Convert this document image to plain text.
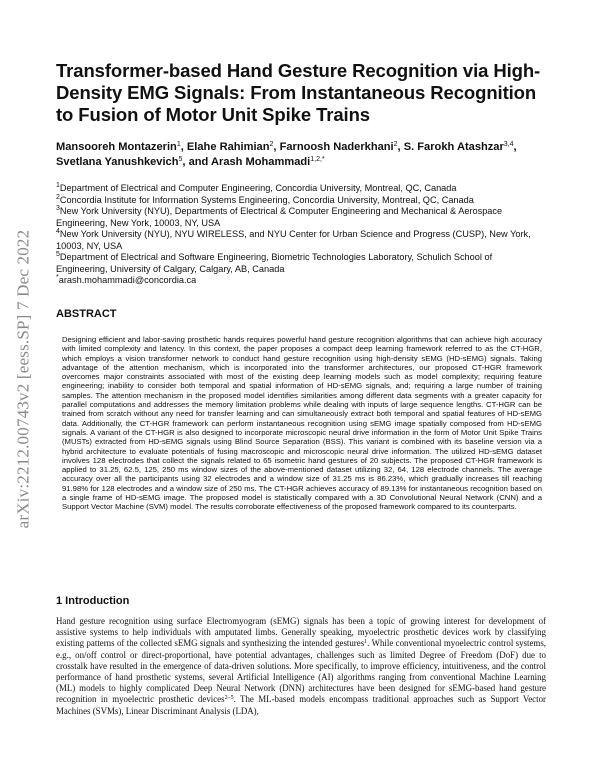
arXiv:2212.00743v2 [eess.SP] 7 Dec 2022
Transformer-based Hand Gesture Recognition via High-Density EMG Signals: From Instantaneous Recognition to Fusion of Motor Unit Spike Trains
Mansooreh Montazerin$^1$, Elahe Rahimian$^2$, Farnoosh Naderkhani$^2$, S. Farokh Atashzar$^{3,4}$, Svetlana Yanushkevich$^5$, and Arash Mohammadi$^{1,2,*}$

$^1$Department of Electrical and Computer Engineering, Concordia University, Montreal, QC, Canada

$^2$Concordia Institute for Information Systems Engineering, Concordia University, Montreal, QC, Canada

$^3$New York University (NYU), Departments of Electrical & Computer Engineering and Mechanical & Aerospace Engineering, New York, 10003, NY, USA

$^4$New York University (NYU), NYU WIRELESS, and NYU Center for Urban Science and Progress (CUSP), New York, 10003, NY, USA

$^5$Department of Electrical and Software Engineering, Biometric Technologies Laboratory, Schulich School of Engineering, University of Calgary, Calgary, AB, Canada

*arash.mohammadi@concordia.ca

ABSTRACT

Designing efficient and labor-saving prosthetic hands requires powerful hand gesture recognition algorithms that can achieve high accuracy with limited complexity and latency. In this context, the paper proposes a compact deep learning framework referred to as the CT-HGR, which employs a vision transformer network to conduct hand gesture recognition using high-density sEMG (HD-sEMG) signals. Taking advantage of the attention mechanism, which is incorporated into the transformer architectures, our proposed CT-HGR framework overcomes major constraints associated with most of the existing deep learning models such as model complexity; requiring feature engineering; inability to consider both temporal and spatial information of HD-sEMG signals, and; requiring a large number of training samples. The attention mechanism in the proposed model identifies similarities among different data segments with a greater capacity for parallel computations and addresses the memory limitation problems while dealing with inputs of large sequence lengths. CT-HGR can be trained from scratch without any need for transfer learning and can simultaneously extract both temporal and spatial features of HD-sEMG data. Additionally, the CT-HGR framework can perform instantaneous recognition using sEMG image spatially composed from HD-sEMG signals. A variant of the CT-HGR is also designed to incorporate microscopic neural drive information in the form of Motor Unit Spike Trains (MUSTs) extracted from HD-sEMG signals using Blind Source Separation (BSS). This variant is combined with its baseline version via a hybrid architecture to evaluate potentials of fusing macroscopic and microscopic neural drive information. The utilized HD-sEMG dataset involves 128 electrodes that collect the signals related to 65 isometric hand gestures of 20 subjects. The proposed CT-HGR framework is applied to 31.25, 62.5, 125, 250 ms window sizes of the above-mentioned dataset utilizing 32, 64, 128 electrode channels. The average accuracy over all the participants using 32 electrodes and a window size of 31.25 ms is 86.23%, which gradually increases till reaching 91.98% for 128 electrodes and a window size of 250 ms. The CT-HGR achieves accuracy of 89.13% for instantaneous recognition based on a single frame of HD-sEMG image. The proposed model is statistically compared with a 3D Convolutional Neural Network (CNN) and a Support Vector Machine (SVM) model. The results corroborate effectiveness of the proposed framework compared to its counterparts.

1 Introduction

Hand gesture recognition using surface Electromyogram (sEMG) signals has been a topic of growing interest for development of assistive systems to help individuals with amputated limbs. Generally speaking, myoelectric prosthetic devices work by classifying existing patterns of the collected sEMG signals and synthesizing the intended gestures$^1$. While conventional myoelectric control systems, e.g., on/off control or direct-proportional, have potential advantages, challenges such as limited Degree of Freedom (DoF) due to crosstalk have resulted in the emergence of data-driven solutions. More specifically, to improve efficiency, intuitiveness, and the control performance of hand prosthetic systems, several Artificial Intelligence (AI) algorithms ranging from conventional Machine Learning (ML) models to highly complicated Deep Neural Network (DNN) architectures have been designed for sEMG-based hand gesture recognition in myoelectric prosthetic devices$^{2-5}$. The ML-based models encompass traditional approaches such as Support Vector Machines (SVMs), Linear Discriminant Analysis (LDA),
